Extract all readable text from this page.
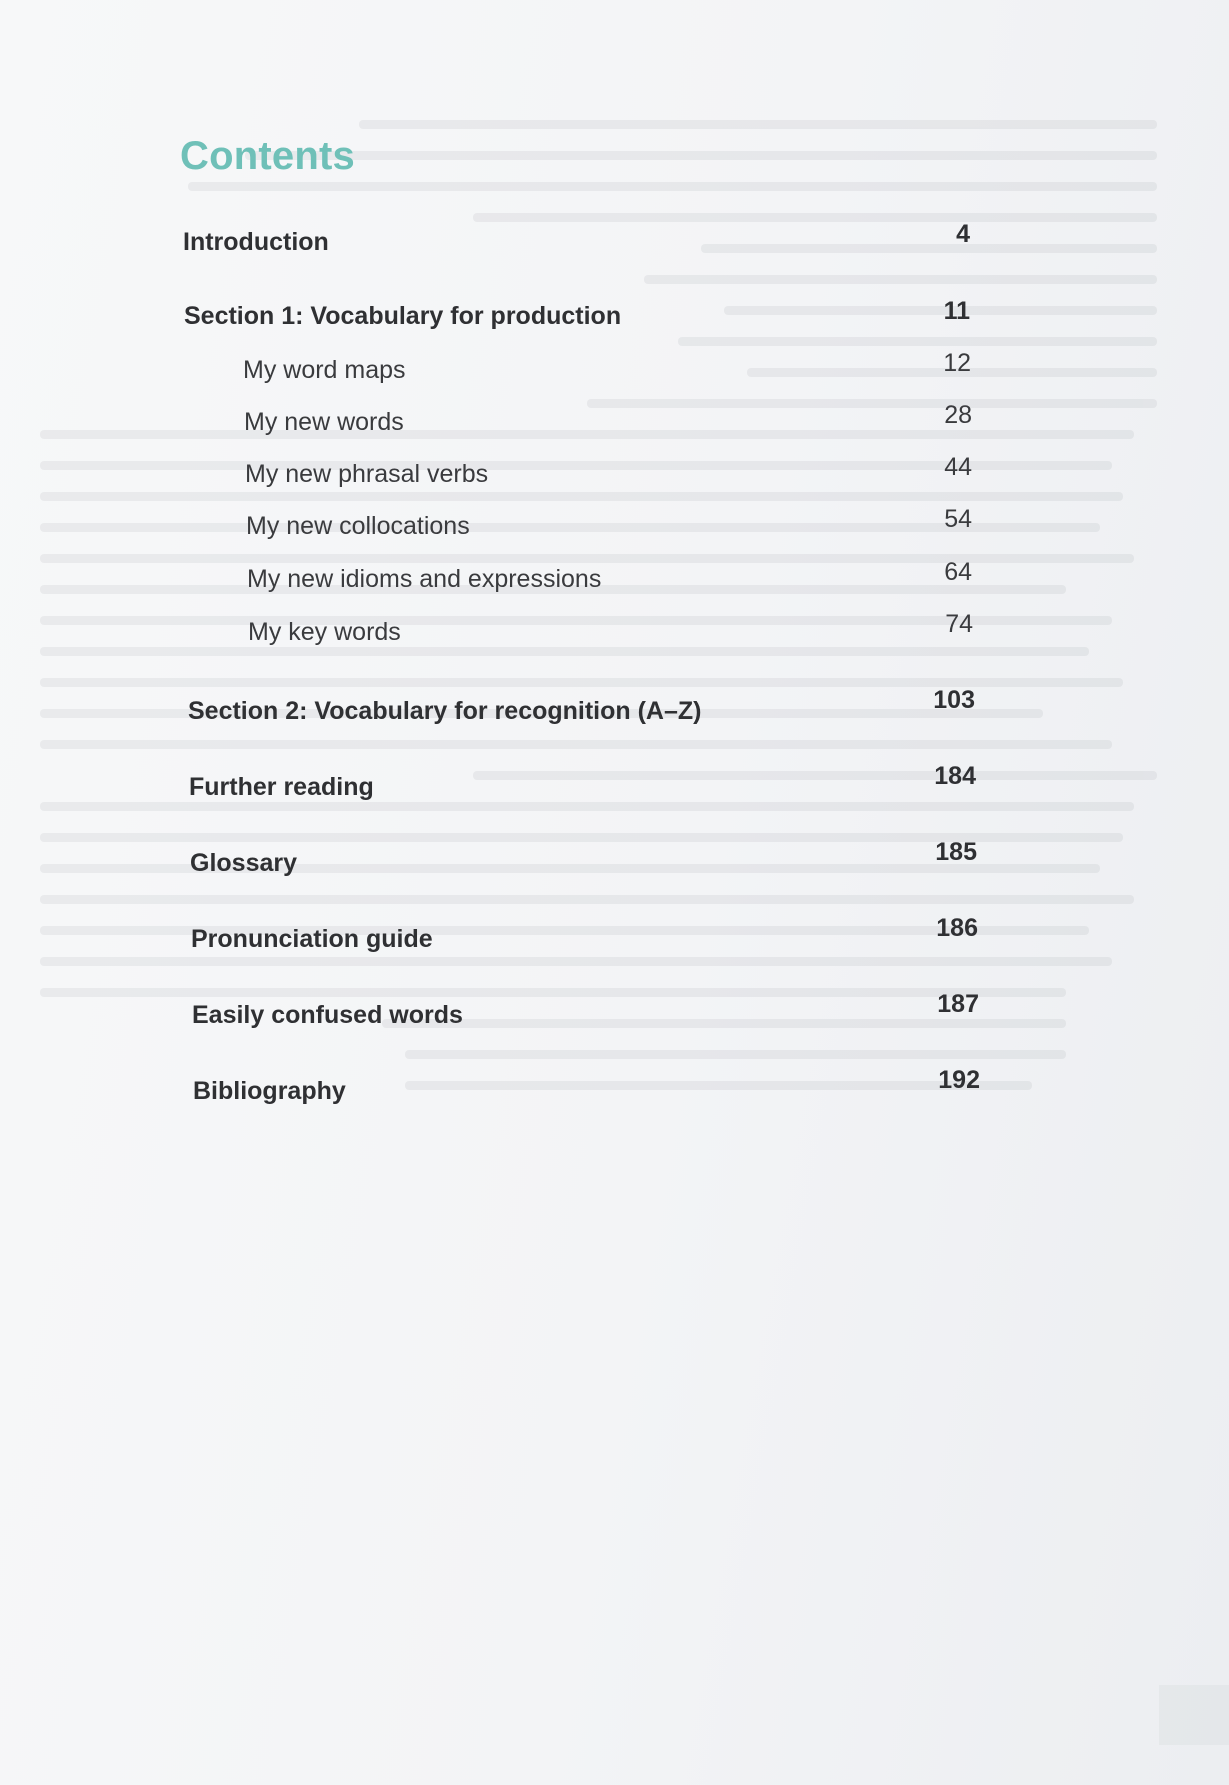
Contents
Introduction	4
Section 1: Vocabulary for production	11
My word maps	12
My new words	28
My new phrasal verbs	44
My new collocations	54
My new idioms and expressions	64
My key words	74
Section 2: Vocabulary for recognition (A–Z)	103
Further reading	184
Glossary	185
Pronunciation guide	186
Easily confused words	187
Bibliography	192
